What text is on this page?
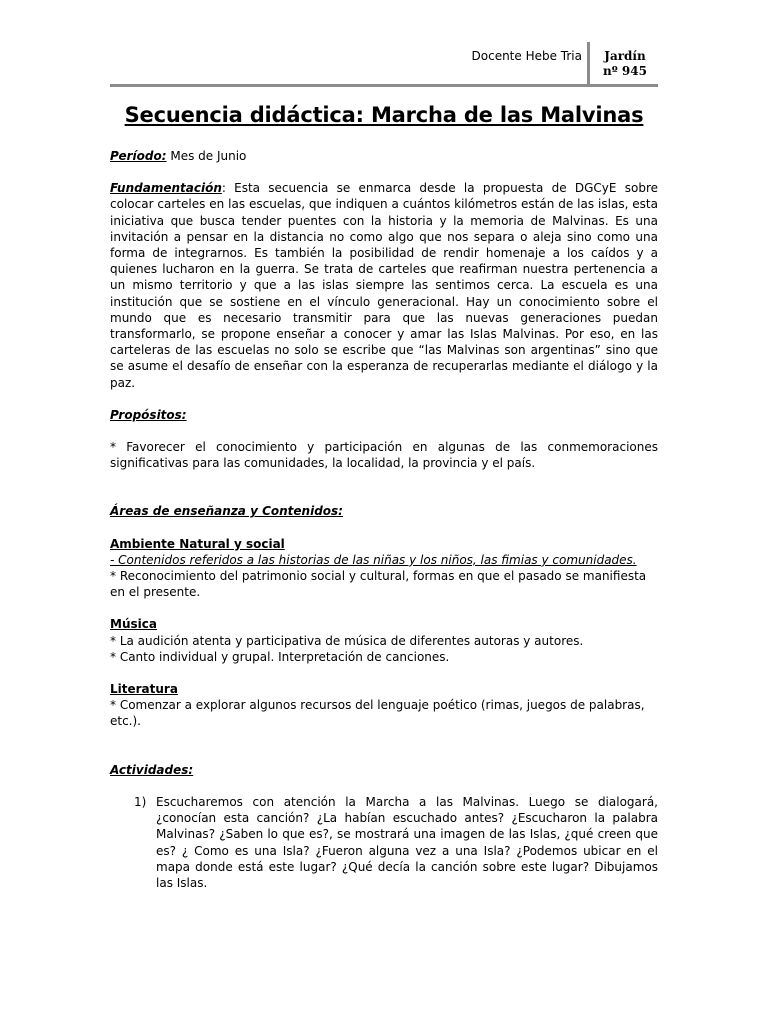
Docente Hebe Tria	Jardín
nº 945
Secuencia didáctica: Marcha de las Malvinas

Período: Mes de Junio

Fundamentación: Esta secuencia se enmarca desde la propuesta de DGCyE sobre colocar carteles en las escuelas, que indiquen a cuántos kilómetros están de las islas, esta iniciativa que busca tender puentes con la historia y la memoria de Malvinas. Es una invitación a pensar en la distancia no como algo que nos separa o aleja sino como una forma de integrarnos. Es también la posibilidad de rendir homenaje a los caídos y a quienes lucharon en la guerra. Se trata de carteles que reafirman nuestra pertenencia a un mismo territorio y que a las islas siempre las sentimos cerca. La escuela es una institución que se sostiene en el vínculo generacional. Hay un conocimiento sobre el mundo que es necesario transmitir para que las nuevas generaciones puedan transformarlo, se propone enseñar a conocer y amar las Islas Malvinas. Por eso, en las carteleras de las escuelas no solo se escribe que “las Malvinas son argentinas” sino que se asume el desafío de enseñar con la esperanza de recuperarlas mediante el diálogo y la paz.

Propósitos:

* Favorecer el conocimiento y participación en algunas de las conmemoraciones significativas para las comunidades, la localidad, la provincia y el país.

Áreas de enseñanza y Contenidos:

Ambiente Natural y social

- Contenidos referidos a las historias de las niñas y los niños, las fimias y comunidades.

* Reconocimiento del patrimonio social y cultural, formas en que el pasado se manifiesta en el presente.

Música

* La audición atenta y participativa de música de diferentes autoras y autores.

* Canto individual y grupal. Interpretación de canciones.

Literatura

* Comenzar a explorar algunos recursos del lenguaje poético (rimas, juegos de palabras, etc.).

Actividades:

1) Escucharemos con atención la Marcha a las Malvinas. Luego se dialogará, ¿conocían esta canción? ¿La habían escuchado antes? ¿Escucharon la palabra Malvinas? ¿Saben lo que es?, se mostrará una imagen de las Islas, ¿qué creen que es? ¿ Como es una Isla? ¿Fueron alguna vez a una Isla? ¿Podemos ubicar en el mapa donde está este lugar? ¿Qué decía la canción sobre este lugar? Dibujamos las Islas.
